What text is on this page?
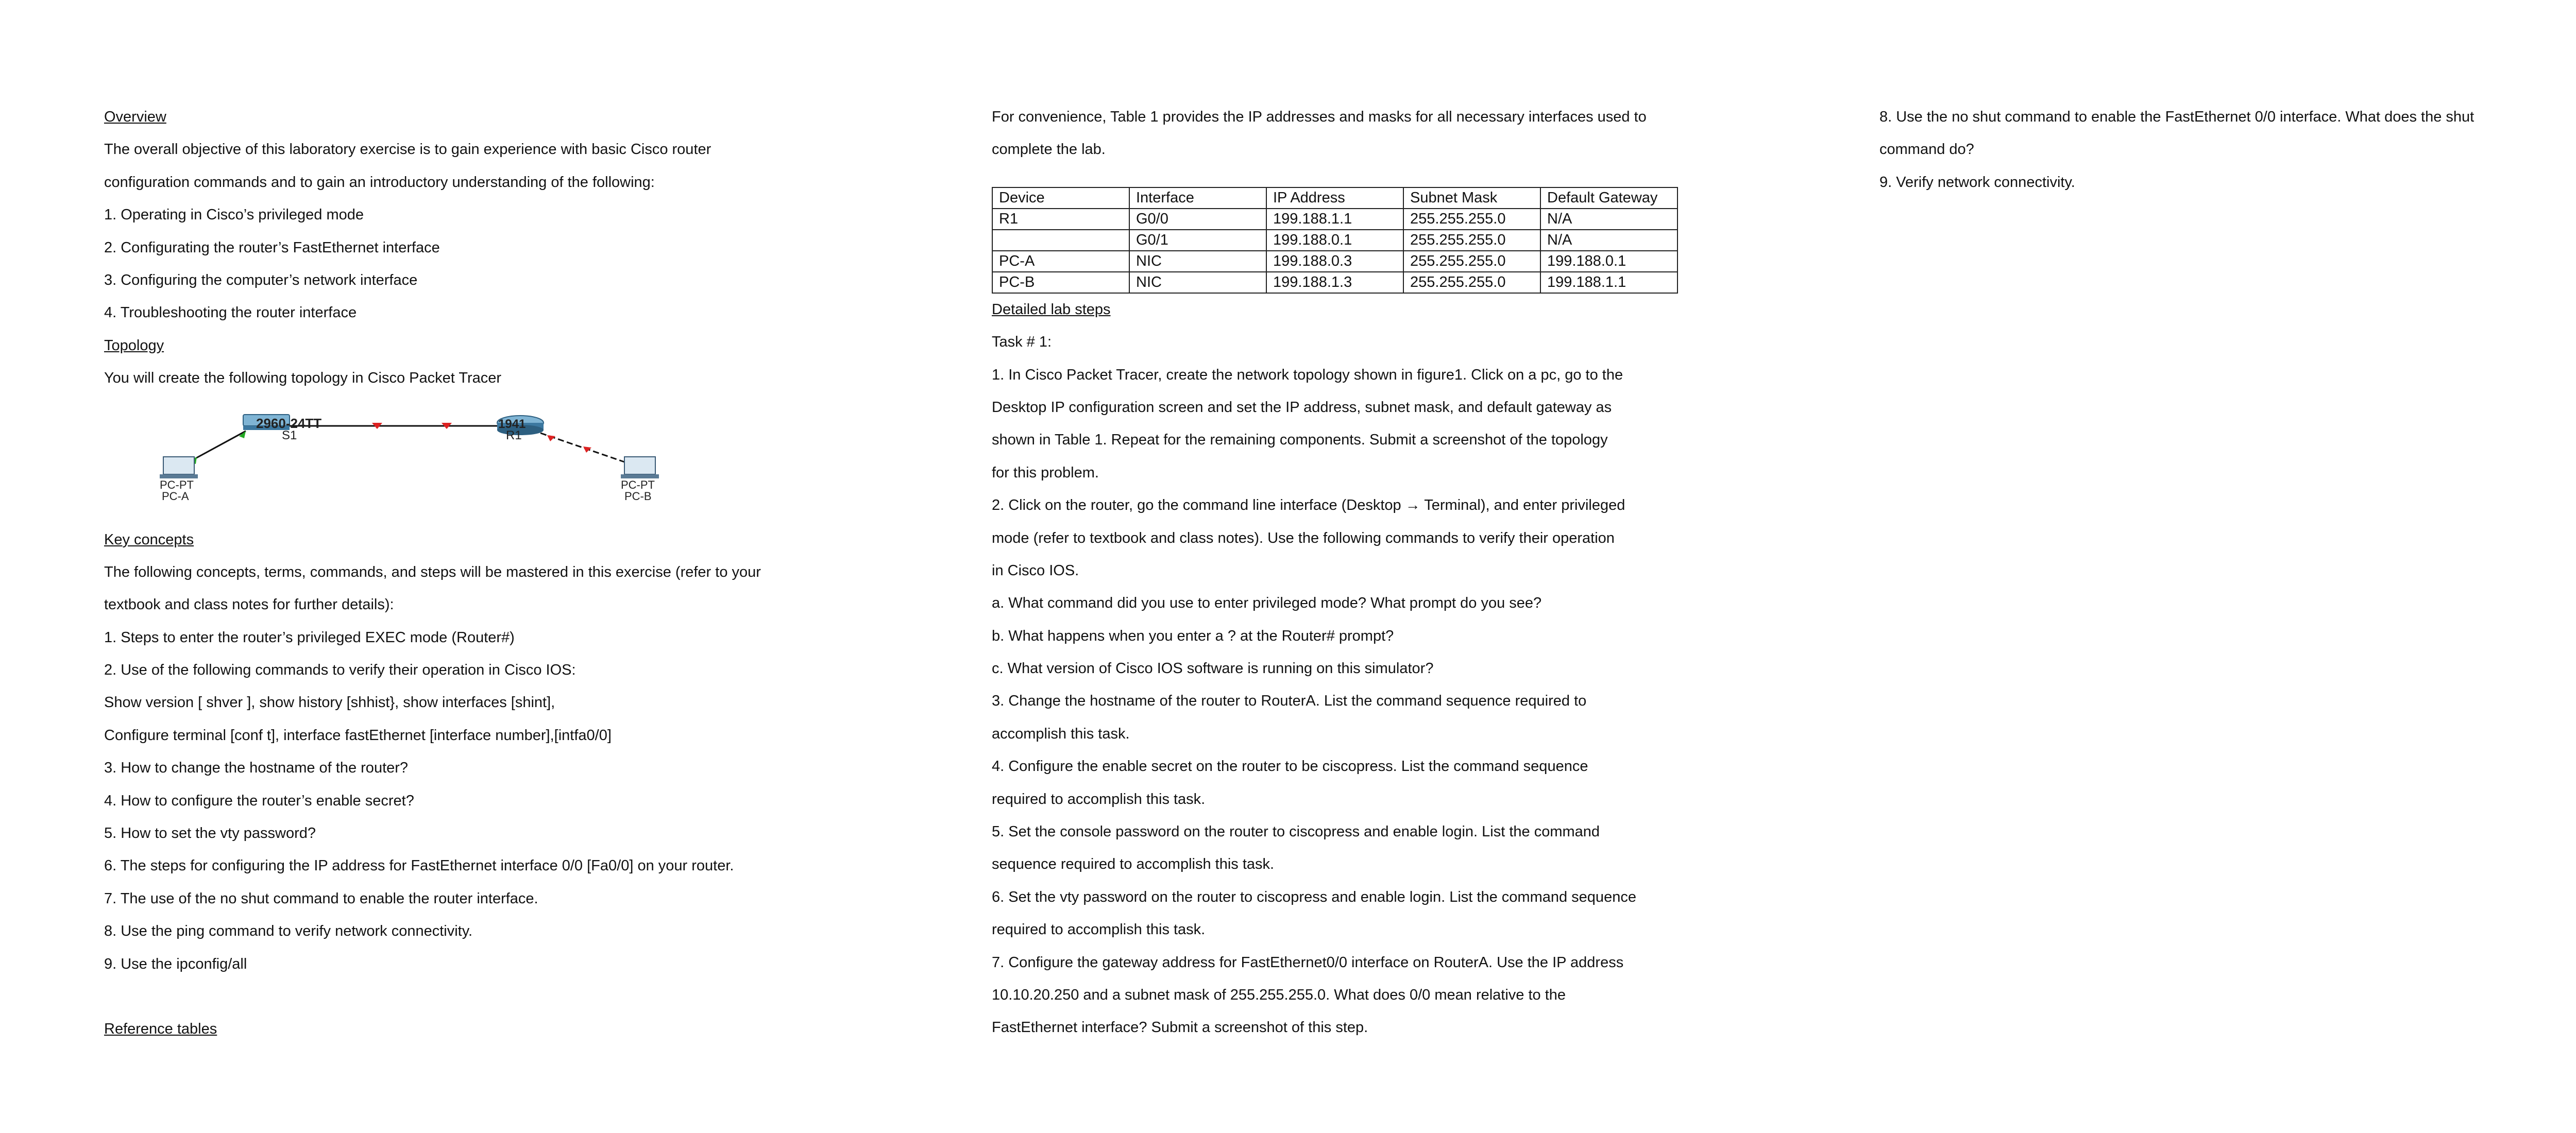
Overview
The overall objective of this laboratory exercise is to gain experience with basic Cisco router
configuration commands and to gain an introductory understanding of the following:
1. Operating in Cisco’s privileged mode
2. Configurating the router’s FastEthernet interface
3. Configuring the computer’s network interface
4. Troubleshooting the router interface
Topology
You will create the following topology in Cisco Packet Tracer
2960-24TT
S1
1941
R1
PC-PT
PC-A
PC-PT
PC-B
Key concepts
The following concepts, terms, commands, and steps will be mastered in this exercise (refer to your
textbook and class notes for further details):
1. Steps to enter the router’s privileged EXEC mode (Router#)
2. Use of the following commands to verify their operation in Cisco IOS:
Show version [ shver ], show history [shhist}, show interfaces [shint],
Configure terminal [conf t], interface fastEthernet [interface number],[intfa0/0]
3. How to change the hostname of the router?
4. How to configure the router’s enable secret?
5. How to set the vty password?
6. The steps for configuring the IP address for FastEthernet interface 0/0 [Fa0/0] on your router.
7. The use of the no shut command to enable the router interface.
8. Use the ping command to verify network connectivity.
9. Use the ipconfig/all
Reference tables
For convenience, Table 1 provides the IP addresses and masks for all necessary interfaces used to
complete the lab.
Device	Interface	IP Address	Subnet Mask	Default Gateway
R1	G0/0	199.188.1.1	255.255.255.0	N/A
	G0/1	199.188.0.1	255.255.255.0	N/A
PC-A	NIC	199.188.0.3	255.255.255.0	199.188.0.1
PC-B	NIC	199.188.1.3	255.255.255.0	199.188.1.1
Detailed lab steps
Task # 1:
1. In Cisco Packet Tracer, create the network topology shown in figure1. Click on a pc, go to the
Desktop IP configuration screen and set the IP address, subnet mask, and default gateway as
shown in Table 1. Repeat for the remaining components. Submit a screenshot of the topology
for this problem.
2. Click on the router, go the command line interface (Desktop → Terminal), and enter privileged
mode (refer to textbook and class notes). Use the following commands to verify their operation
in Cisco IOS.
a. What command did you use to enter privileged mode? What prompt do you see?
b. What happens when you enter a ? at the Router# prompt?
c. What version of Cisco IOS software is running on this simulator?
3. Change the hostname of the router to RouterA. List the command sequence required to
accomplish this task.
4. Configure the enable secret on the router to be ciscopress. List the command sequence
required to accomplish this task.
5. Set the console password on the router to ciscopress and enable login. List the command
sequence required to accomplish this task.
6. Set the vty password on the router to ciscopress and enable login. List the command sequence
required to accomplish this task.
7. Configure the gateway address for FastEthernet0/0 interface on RouterA. Use the IP address
10.10.20.250 and a subnet mask of 255.255.255.0. What does 0/0 mean relative to the
FastEthernet interface? Submit a screenshot of this step.
8. Use the no shut command to enable the FastEthernet 0/0 interface. What does the shut
command do?
9. Verify network connectivity.
